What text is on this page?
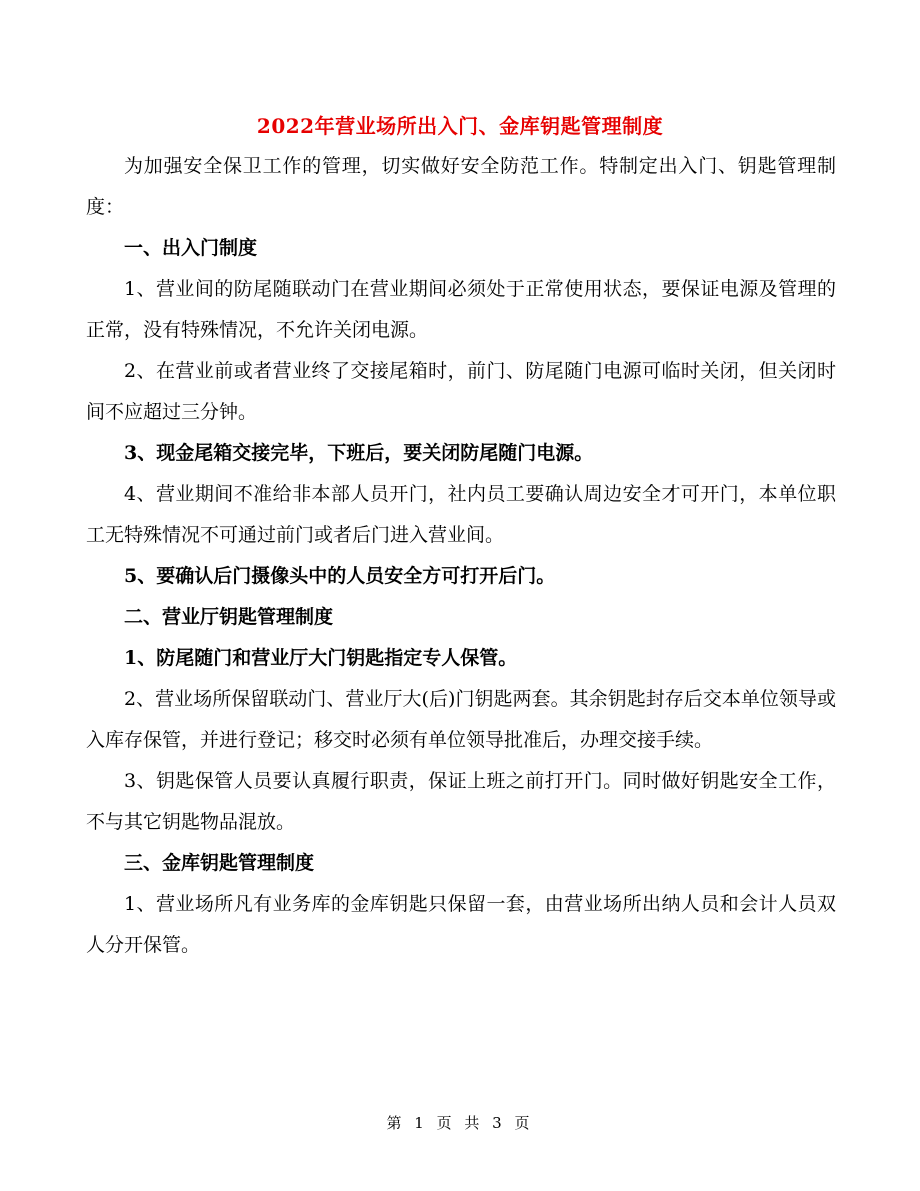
2022年营业场所出入门、金库钥匙管理制度

为加强安全保卫工作的管理，切实做好安全防范工作。特制定出入门、钥匙管理制度：

一、出入门制度

1、营业间的防尾随联动门在营业期间必须处于正常使用状态，要保证电源及管理的正常，没有特殊情况，不允许关闭电源。

2、在营业前或者营业终了交接尾箱时，前门、防尾随门电源可临时关闭，但关闭时间不应超过三分钟。

3、现金尾箱交接完毕，下班后，要关闭防尾随门电源。

4、营业期间不准给非本部人员开门，社内员工要确认周边安全才可开门，本单位职工无特殊情况不可通过前门或者后门进入营业间。

5、要确认后门摄像头中的人员安全方可打开后门。

二、营业厅钥匙管理制度

1、防尾随门和营业厅大门钥匙指定专人保管。

2、营业场所保留联动门、营业厅大(后)门钥匙两套。其余钥匙封存后交本单位领导或入库存保管，并进行登记；移交时必须有单位领导批准后，办理交接手续。

3、钥匙保管人员要认真履行职责，保证上班之前打开门。同时做好钥匙安全工作，不与其它钥匙物品混放。

三、金库钥匙管理制度

1、营业场所凡有业务库的金库钥匙只保留一套，由营业场所出纳人员和会计人员双人分开保管。

第 1 页 共 3 页
